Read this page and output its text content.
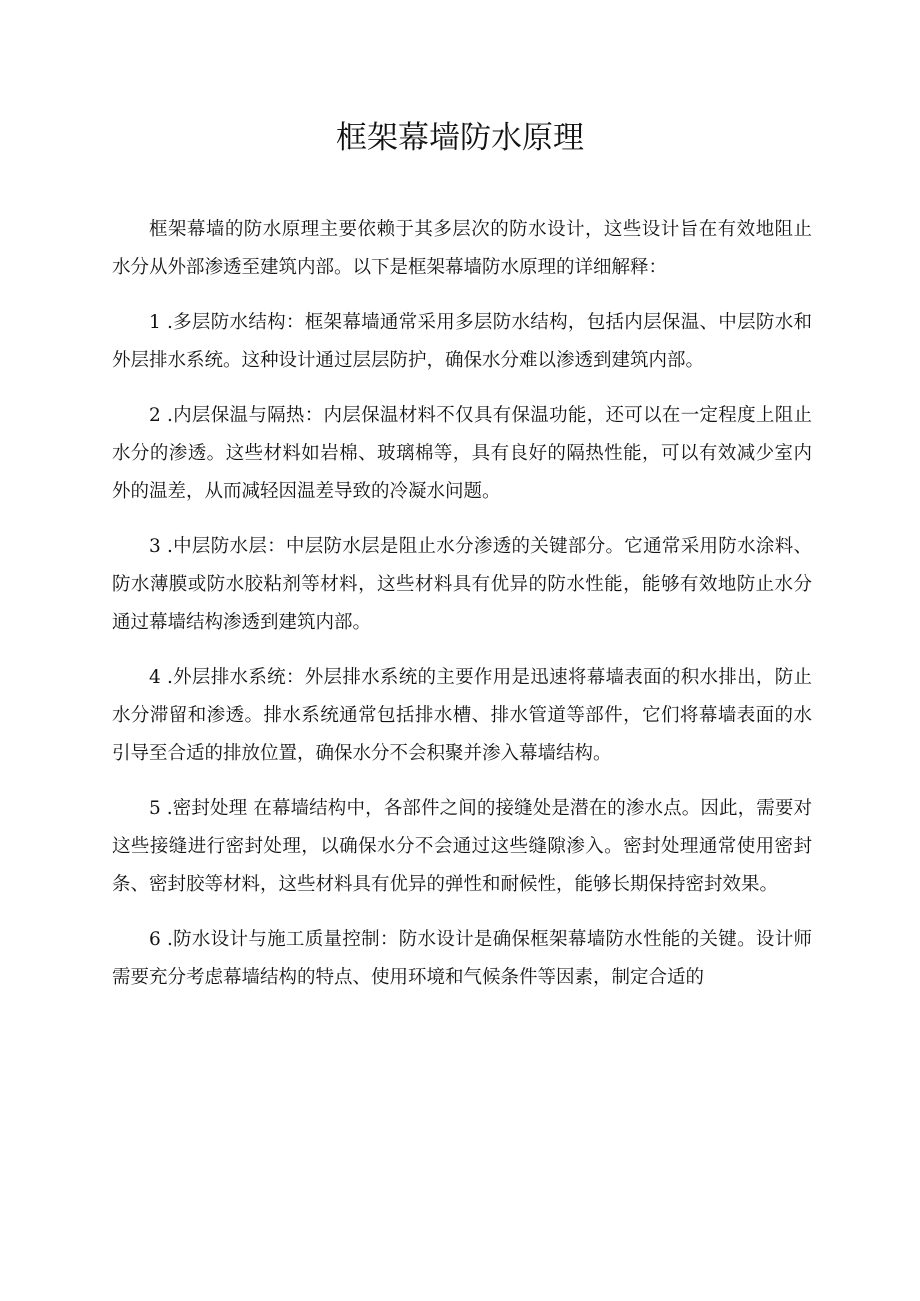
框架幕墙防水原理

框架幕墙的防水原理主要依赖于其多层次的防水设计，这些设计旨在有效地阻止水分从外部渗透至建筑内部。以下是框架幕墙防水原理的详细解释：

1 .多层防水结构：框架幕墙通常采用多层防水结构，包括内层保温、中层防水和外层排水系统。这种设计通过层层防护，确保水分难以渗透到建筑内部。

2 .内层保温与隔热：内层保温材料不仅具有保温功能，还可以在一定程度上阻止水分的渗透。这些材料如岩棉、玻璃棉等，具有良好的隔热性能，可以有效减少室内外的温差，从而减轻因温差导致的冷凝水问题。

3 .中层防水层：中层防水层是阻止水分渗透的关键部分。它通常采用防水涂料、防水薄膜或防水胶粘剂等材料，这些材料具有优异的防水性能，能够有效地防止水分通过幕墙结构渗透到建筑内部。

4 .外层排水系统：外层排水系统的主要作用是迅速将幕墙表面的积水排出，防止水分滞留和渗透。排水系统通常包括排水槽、排水管道等部件，它们将幕墙表面的水引导至合适的排放位置，确保水分不会积聚并渗入幕墙结构。

5 .密封处理 在幕墙结构中，各部件之间的接缝处是潜在的渗水点。因此，需要对这些接缝进行密封处理，以确保水分不会通过这些缝隙渗入。密封处理通常使用密封条、密封胶等材料，这些材料具有优异的弹性和耐候性，能够长期保持密封效果。

6 .防水设计与施工质量控制：防水设计是确保框架幕墙防水性能的关键。设计师需要充分考虑幕墙结构的特点、使用环境和气候条件等因素，制定合适的
